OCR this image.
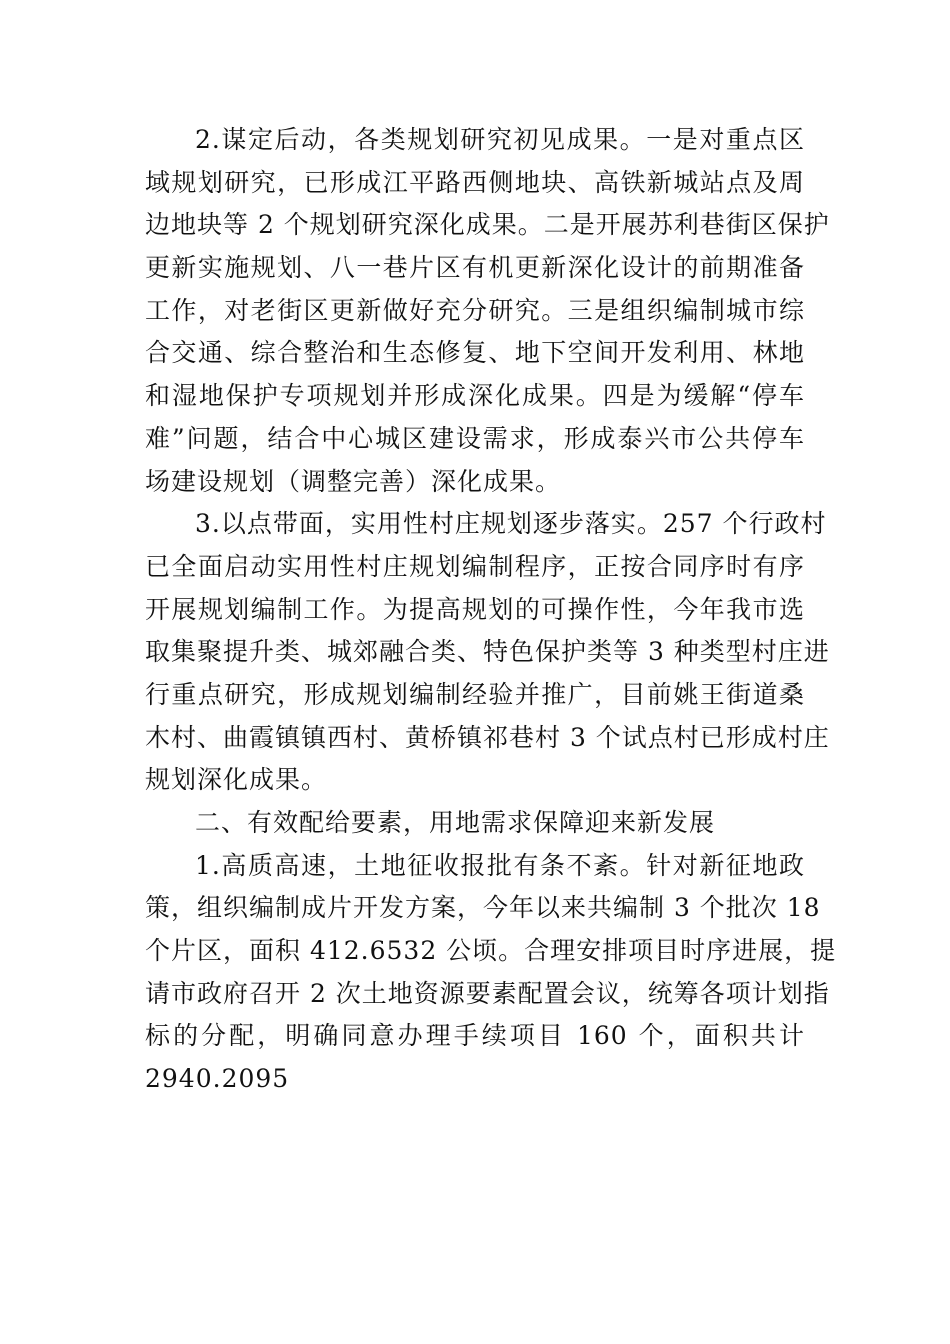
2.谋定后动，各类规划研究初见成果。一是对重点区
域规划研究，已形成江平路西侧地块、高铁新城站点及周
边地块等 2 个规划研究深化成果。二是开展苏利巷街区保护
更新实施规划、八一巷片区有机更新深化设计的前期准备
工作，对老街区更新做好充分研究。三是组织编制城市综
合交通、综合整治和生态修复、地下空间开发利用、林地
和湿地保护专项规划并形成深化成果。四是为缓解“停车
难”问题，结合中心城区建设需求，形成泰兴市公共停车
场建设规划（调整完善）深化成果。
3.以点带面，实用性村庄规划逐步落实。257 个行政村
已全面启动实用性村庄规划编制程序，正按合同序时有序
开展规划编制工作。为提高规划的可操作性，今年我市选
取集聚提升类、城郊融合类、特色保护类等 3 种类型村庄进
行重点研究，形成规划编制经验并推广，目前姚王街道桑
木村、曲霞镇镇西村、黄桥镇祁巷村 3 个试点村已形成村庄
规划深化成果。
二、有效配给要素，用地需求保障迎来新发展
1.高质高速，土地征收报批有条不紊。针对新征地政
策，组织编制成片开发方案，今年以来共编制 3 个批次 18
个片区，面积 412.6532 公顷。合理安排项目时序进展，提
请市政府召开 2 次土地资源要素配置会议，统筹各项计划指
标的分配，明确同意办理手续项目 160 个，面积共计
2940.2095
